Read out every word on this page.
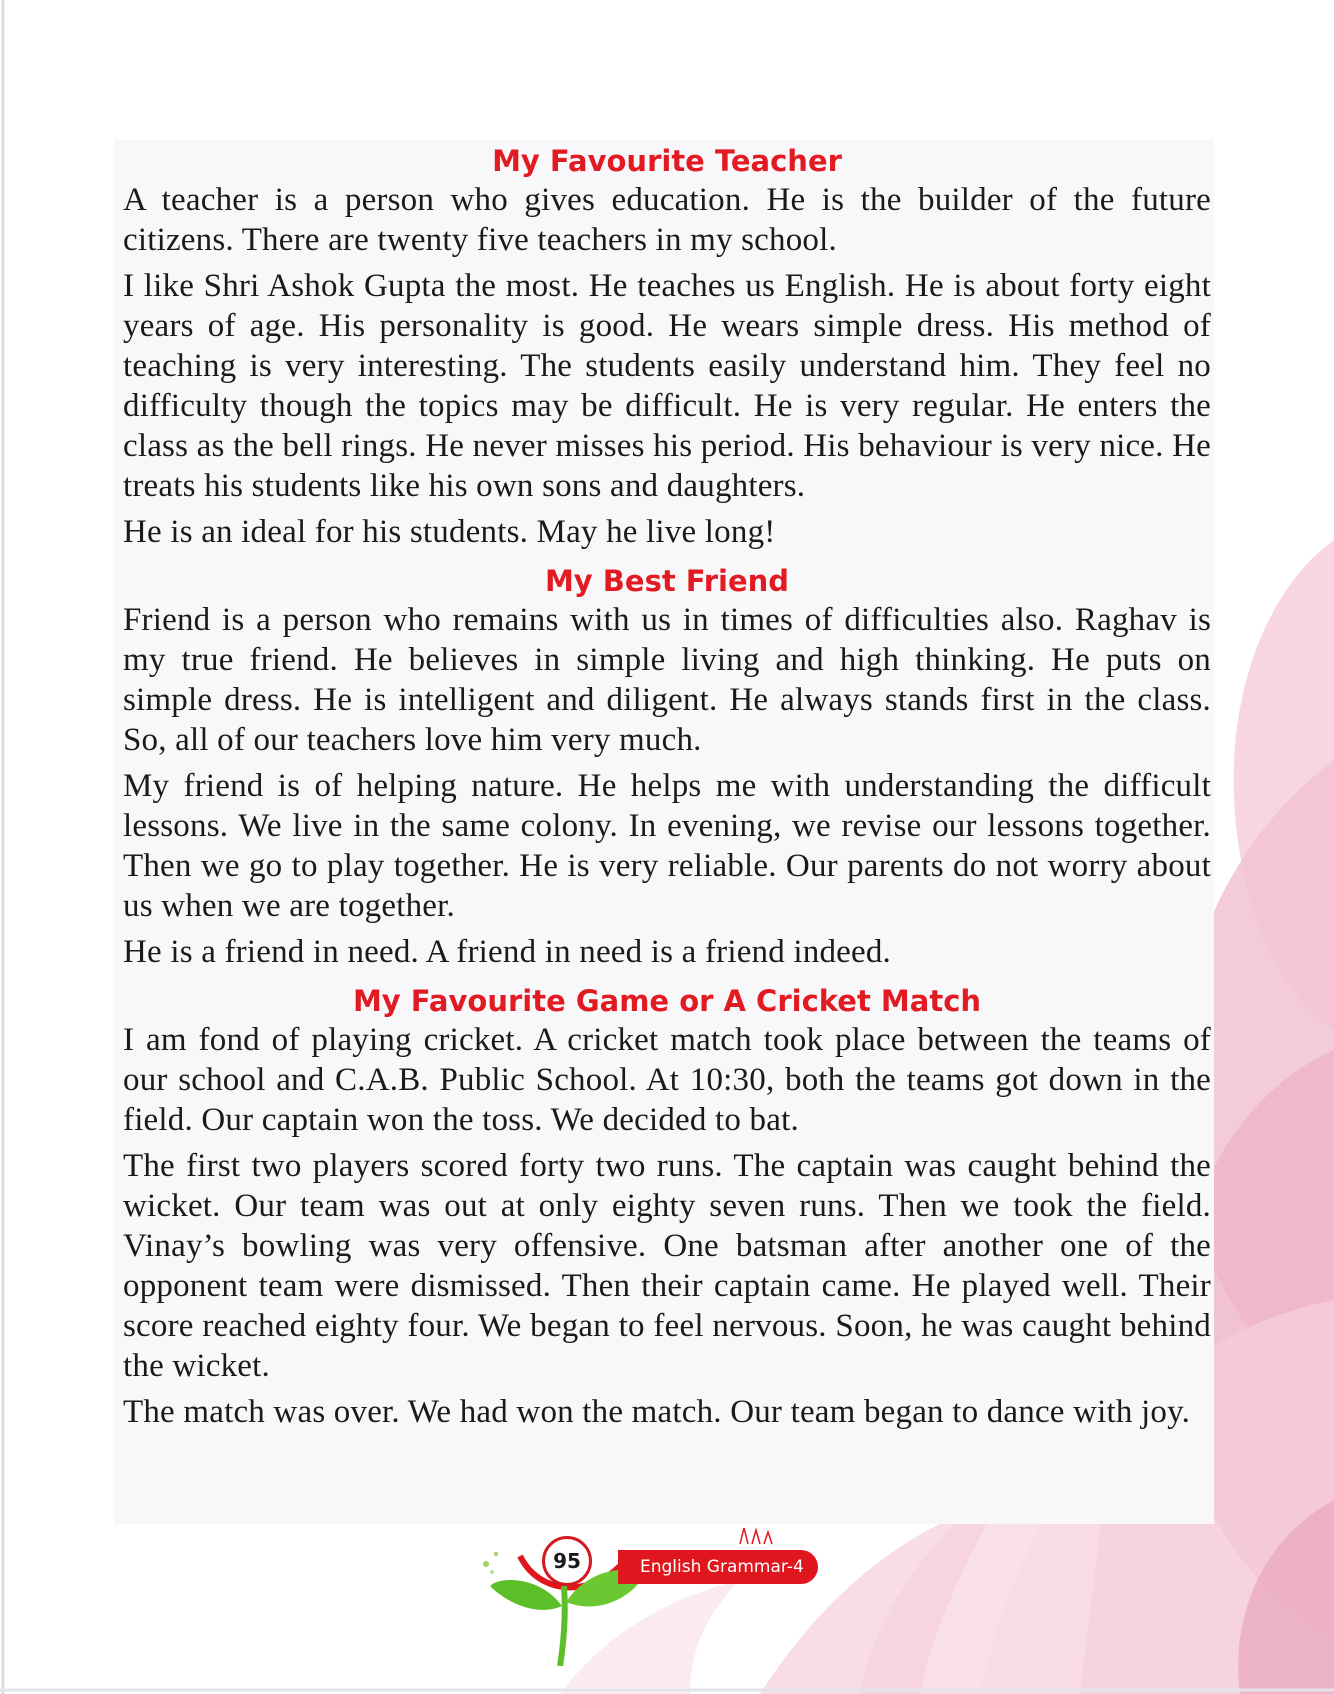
My Favourite Teacher

A teacher is a person who gives education. He is the builder of the future citizens. There are twenty five teachers in my school.

I like Shri Ashok Gupta the most. He teaches us English. He is about forty eight years of age. His personality is good. He wears simple dress. His method of teaching is very interesting. The students easily understand him. They feel no difficulty though the topics may be difficult. He is very regular. He enters the class as the bell rings. He never misses his period. His behaviour is very nice. He treats his students like his own sons and daughters.

He is an ideal for his students. May he live long!

My Best Friend

Friend is a person who remains with us in times of difficulties also. Raghav is my true friend. He believes in simple living and high thinking. He puts on simple dress. He is intelligent and diligent. He always stands first in the class. So, all of our teachers love him very much.

My friend is of helping nature. He helps me with understanding the difficult lessons. We live in the same colony. In evening, we revise our lessons together. Then we go to play together. He is very reliable. Our parents do not worry about us when we are together.

He is a friend in need. A friend in need is a friend indeed.

My Favourite Game or A Cricket Match

I am fond of playing cricket. A cricket match took place between the teams of our school and C.A.B. Public School. At 10:30, both the teams got down in the field. Our captain won the toss. We decided to bat.

The first two players scored forty two runs. The captain was caught behind the wicket. Our team was out at only eighty seven runs. Then we took the field. Vinay’s bowling was very offensive. One batsman after another one of the opponent team were dismissed. Then their captain came. He played well. Their score reached eighty four. We began to feel nervous. Soon, he was caught behind the wicket.

The match was over. We had won the match. Our team began to dance with joy.

95	English Grammar-4
